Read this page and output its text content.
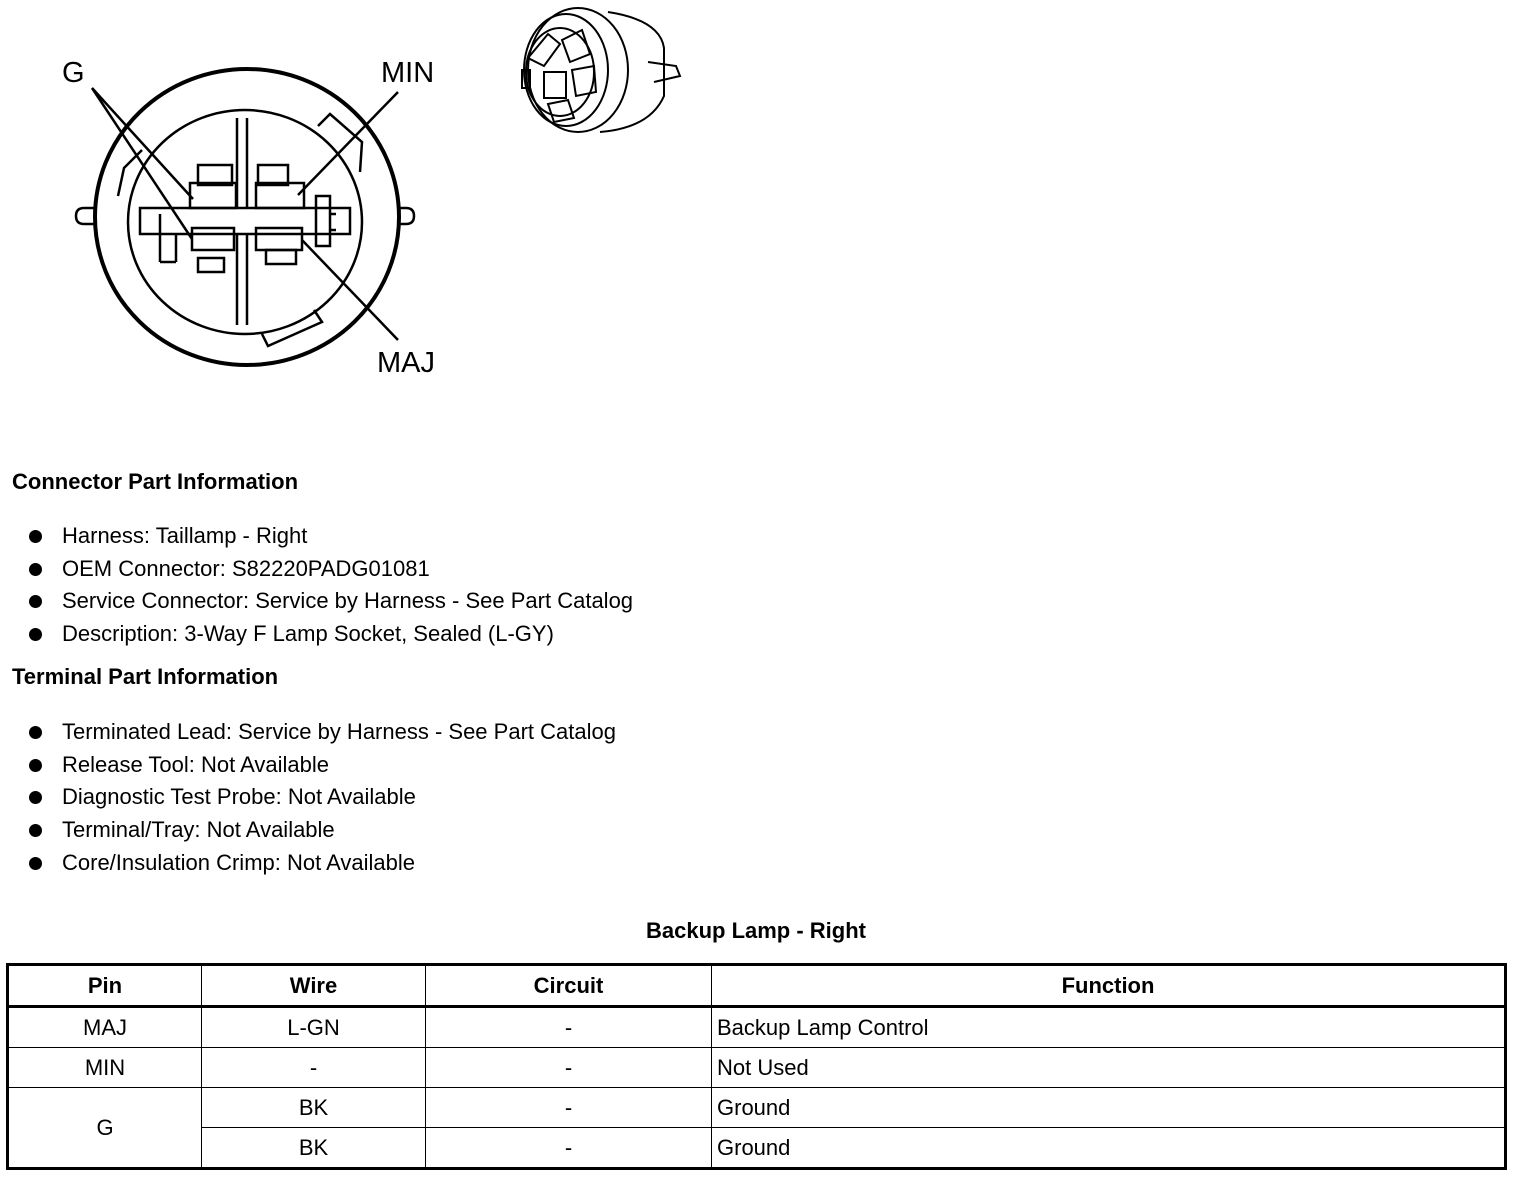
G	MIN
MAJ
Connector Part Information
Harness: Taillamp - Right
OEM Connector: S82220PADG01081
Service Connector: Service by Harness - See Part Catalog
Description: 3-Way F Lamp Socket, Sealed (L-GY)
Terminal Part Information
Terminated Lead: Service by Harness - See Part Catalog
Release Tool: Not Available
Diagnostic Test Probe: Not Available
Terminal/Tray: Not Available
Core/Insulation Crimp: Not Available
Backup Lamp - Right
Pin	Wire	Circuit	Function
MAJ	L-GN	-	Backup Lamp Control
MIN	-	-	Not Used
G	BK	-	Ground
	BK	-	Ground
